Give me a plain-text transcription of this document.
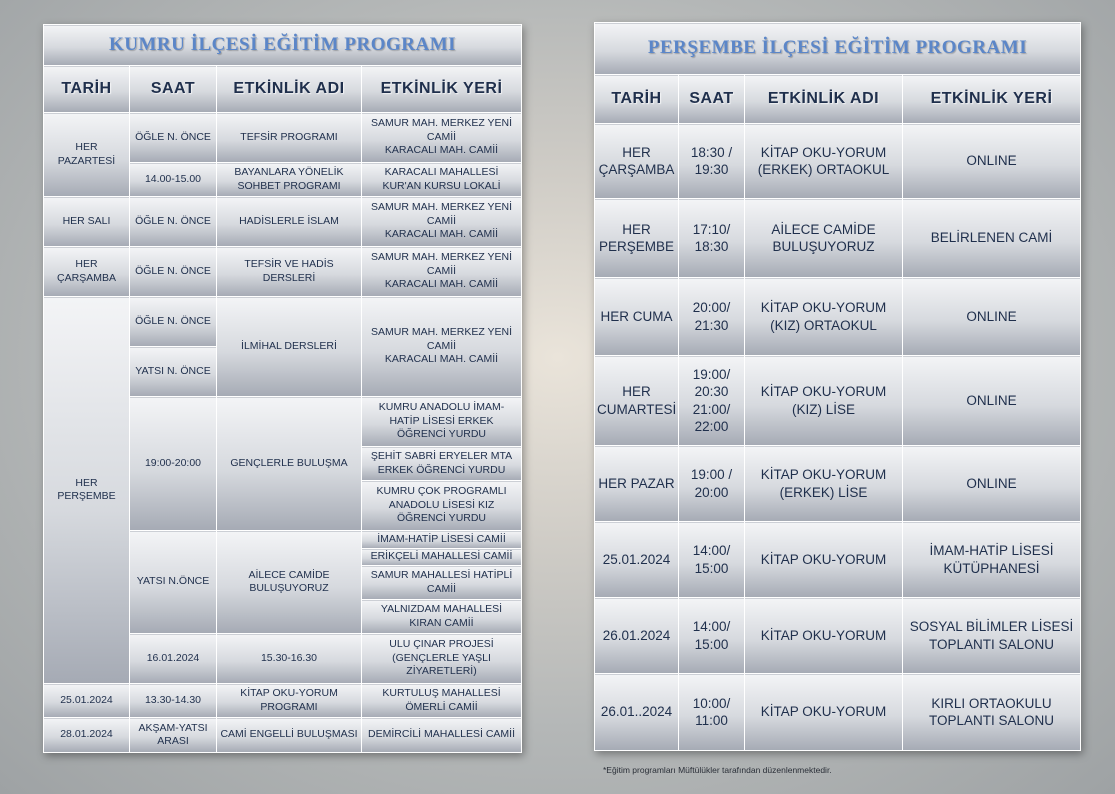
KUMRU İLÇESİ EĞİTİM PROGRAMI				
TARİH	SAAT	ETKİNLİK ADI	ETKİNLİK YERİ	
HER PAZARTESİ	ÖĞLE N. ÖNCE	TEFSİR PROGRAMI	SAMUR MAH. MERKEZ YENİ CAMİİ
KARACALI MAH. CAMİİ	
	14.00-15.00	BAYANLARA YÖNELİK SOHBET PROGRAMI	KARACALI MAHALLESİ KUR'AN KURSU LOKALİ	
HER SALI	ÖĞLE N. ÖNCE	HADİSLERLE İSLAM	SAMUR MAH. MERKEZ YENİ CAMİİ
KARACALI MAH. CAMİİ	
HER ÇARŞAMBA	ÖĞLE N. ÖNCE	TEFSİR VE HADİS DERSLERİ	SAMUR MAH. MERKEZ YENİ CAMİİ
KARACALI MAH. CAMİİ	
HER PERŞEMBE	ÖĞLE N. ÖNCE	İLMİHAL DERSLERİ	SAMUR MAH. MERKEZ YENİ CAMİİ
KARACALI MAH. CAMİİ	
	YATSI N. ÖNCE			
	19:00-20:00	GENÇLERLE BULUŞMA	KUMRU ANADOLU İMAM-HATİP LİSESİ ERKEK ÖĞRENCİ YURDU	
			ŞEHİT SABRİ ERYELER MTA ERKEK ÖĞRENCİ YURDU	
			KUMRU ÇOK PROGRAMLI ANADOLU LİSESİ KIZ ÖĞRENCİ YURDU	
	YATSI N.ÖNCE	AİLECE CAMİDE BULUŞUYORUZ	İMAM-HATİP LİSESİ CAMİİ	
			ERİKÇELİ MAHALLESİ CAMİİ	
			SAMUR MAHALLESİ HATİPLİ CAMİİ	
			YALNIZDAM MAHALLESİ KIRAN CAMİİ	
	16.01.2024	15.30-16.30	ULU ÇINAR PROJESİ (GENÇLERLE YAŞLI ZİYARETLERİ)	
25.01.2024	13.30-14.30	KİTAP OKU-YORUM PROGRAMI	KURTULUŞ MAHALLESİ ÖMERLİ CAMİİ	
28.01.2024	AKŞAM-YATSI ARASI	CAMİ ENGELLİ BULUŞMASI	DEMİRCİLİ MAHALLESİ CAMİİ	
PERŞEMBE İLÇESİ EĞİTİM PROGRAMI			
TARİH	SAAT	ETKİNLİK ADI	ETKİNLİK YERİ
HER ÇARŞAMBA	18:30 / 19:30	KİTAP OKU-YORUM (ERKEK) ORTAOKUL	ONLINE
HER PERŞEMBE	17:10/ 18:30	AİLECE CAMİDE BULUŞUYORUZ	BELİRLENEN CAMİ
HER CUMA	20:00/ 21:30	KİTAP OKU-YORUM (KIZ) ORTAOKUL	ONLINE
HER CUMARTESİ	19:00/ 20:30 21:00/ 22:00	KİTAP OKU-YORUM (KIZ) LİSE	ONLINE
HER PAZAR	19:00 / 20:00	KİTAP OKU-YORUM (ERKEK) LİSE	ONLINE
25.01.2024	14:00/ 15:00	KİTAP OKU-YORUM	İMAM-HATİP LİSESİ KÜTÜPHANESİ
26.01.2024	14:00/ 15:00	KİTAP OKU-YORUM	SOSYAL BİLİMLER LİSESİ TOPLANTI SALONU
26.01..2024	10:00/ 11:00	KİTAP OKU-YORUM	KIRLI ORTAOKULU TOPLANTI SALONU
*Eğitim programları Müftülükler tarafından düzenlenmektedir.
